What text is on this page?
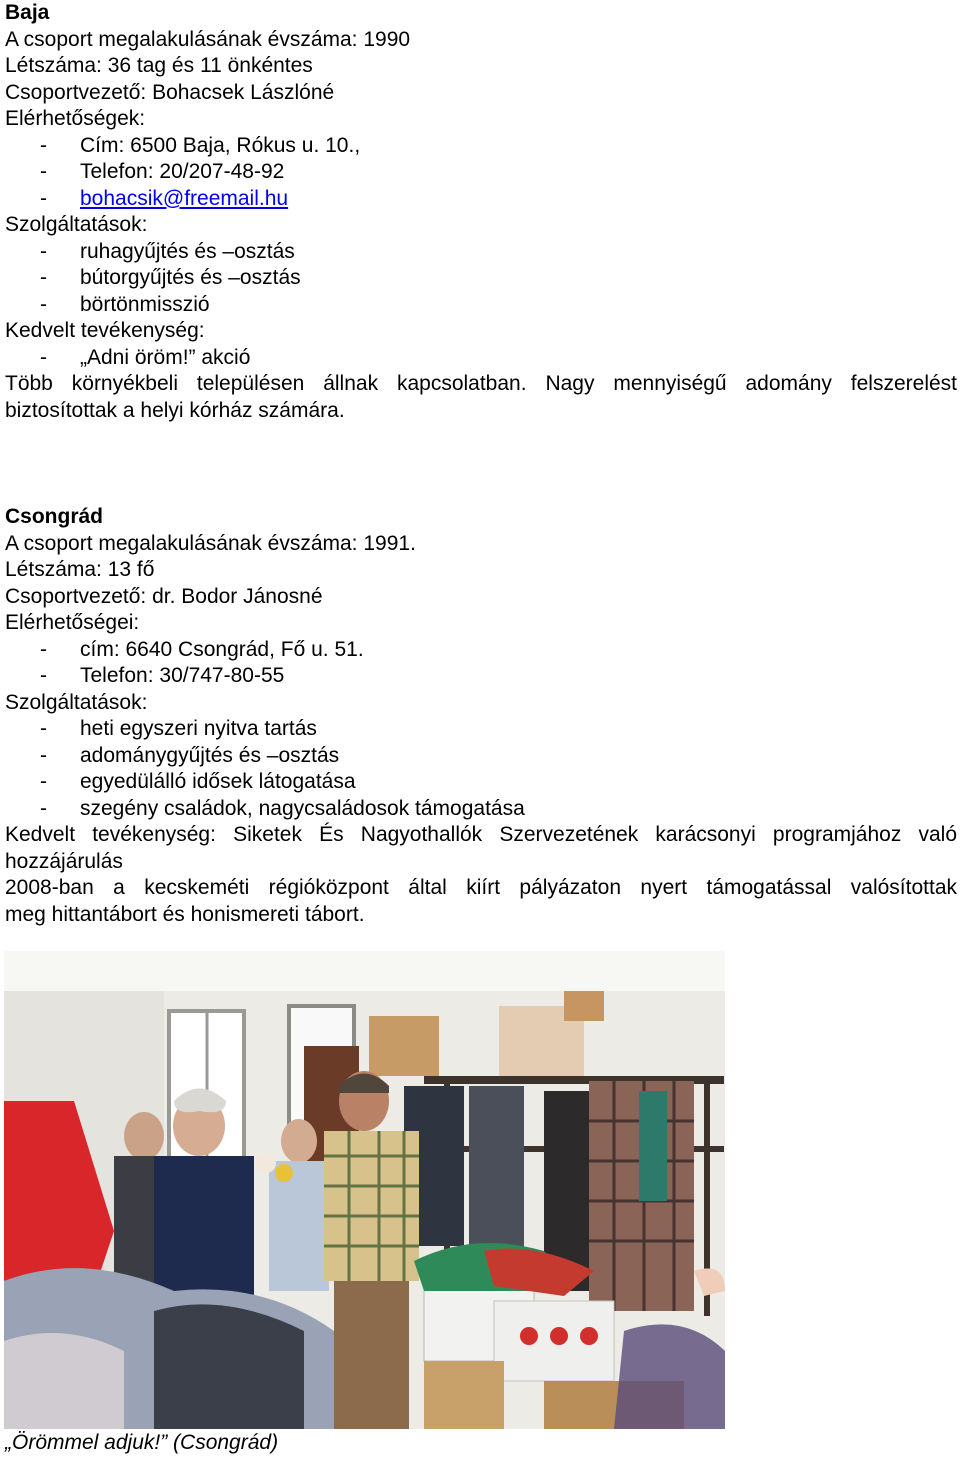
Baja
A csoport megalakulásának évszáma: 1990
Létszáma: 36 tag és 11 önkéntes
Csoportvezető: Bohacsek Lászlóné
Elérhetőségek:
- Cím: 6500 Baja, Rókus u. 10.,
- Telefon: 20/207-48-92
- bohacsik@freemail.hu
Szolgáltatások:
- ruhagyűjtés és –osztás
- bútorgyűjtés és –osztás
- börtönmisszió
Kedvelt tevékenység:
- „Adni öröm!” akció
Több környékbeli településen állnak kapcsolatban. Nagy mennyiségű adomány felszerelést
biztosítottak a helyi kórház számára.
Csongrád
A csoport megalakulásának évszáma: 1991.
Létszáma: 13 fő
Csoportvezető: dr. Bodor Jánosné
Elérhetőségei:
- cím: 6640 Csongrád, Fő u. 51.
- Telefon: 30/747-80-55
Szolgáltatások:
- heti egyszeri nyitva tartás
- adománygyűjtés és –osztás
- egyedülálló idősek látogatása
- szegény családok, nagycsaládosok támogatása
Kedvelt tevékenység: Siketek És Nagyothallók Szervezetének karácsonyi programjához való
hozzájárulás
2008-ban a kecskeméti régióközpont által kiírt pályázaton nyert támogatással valósítottak
meg hittantábort és honismereti tábort.
„Örömmel adjuk!” (Csongrád)
